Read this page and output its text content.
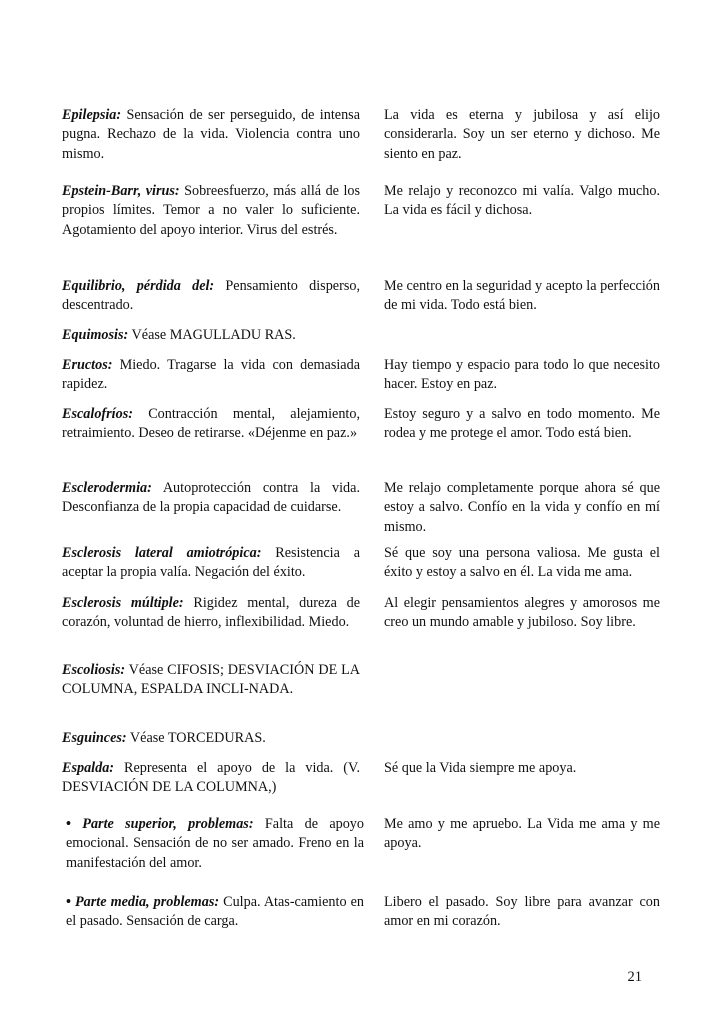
Epilepsia: Sensación de ser perseguido, de intensa pugna. Rechazo de la vida. Violencia contra uno mismo.
La vida es eterna y jubilosa y así elijo considerarla. Soy un ser eterno y dichoso. Me siento en paz.
Epstein-Barr, virus: Sobreesfuerzo, más allá de los propios límites. Temor a no valer lo suficiente. Agotamiento del apoyo interior. Virus del estrés.
Me relajo y reconozco mi valía. Valgo mucho. La vida es fácil y dichosa.
Equilibrio, pérdida del: Pensamiento disperso, descentrado.
Me centro en la seguridad y acepto la perfección de mi vida. Todo está bien.
Equimosis: Véase MAGULLADU RAS.
Eructos: Miedo. Tragarse la vida con demasiada rapidez.
Hay tiempo y espacio para todo lo que necesito hacer. Estoy en paz.
Escalofríos: Contracción mental, alejamiento, retraimiento. Deseo de retirarse. «Déjenme en paz.»
Estoy seguro y a salvo en todo momento. Me rodea y me protege el amor. Todo está bien.
Esclerodermia: Autoprotección contra la vida. Desconfianza de la propia capacidad de cuidarse.
Me relajo completamente porque ahora sé que estoy a salvo. Confío en la vida y confío en mí mismo.
Esclerosis lateral amiotrópica: Resistencia a aceptar la propia valía. Negación del éxito.
Sé que soy una persona valiosa. Me gusta el éxito y estoy a salvo en él. La vida me ama.
Esclerosis múltiple: Rigidez mental, dureza de corazón, voluntad de hierro, inflexibilidad. Miedo.
Al elegir pensamientos alegres y amorosos me creo un mundo amable y jubiloso. Soy libre.
Escoliosis: Véase CIFOSIS; DESVIACIÓN DE LA COLUMNA, ESPALDA INCLI-NADA.
Esguinces: Véase TORCEDURAS.
Espalda: Representa el apoyo de la vida. (V. DESVIACIÓN DE LA COLUMNA,)
Sé que la Vida siempre me apoya.
• Parte superior, problemas: Falta de apoyo emocional. Sensación de no ser amado. Freno en la manifestación del amor.
Me amo y me apruebo. La Vida me ama y me apoya.
• Parte media, problemas: Culpa. Atas-camiento en el pasado. Sensación de carga.
Libero el pasado. Soy libre para avanzar con amor en mi corazón.
21
